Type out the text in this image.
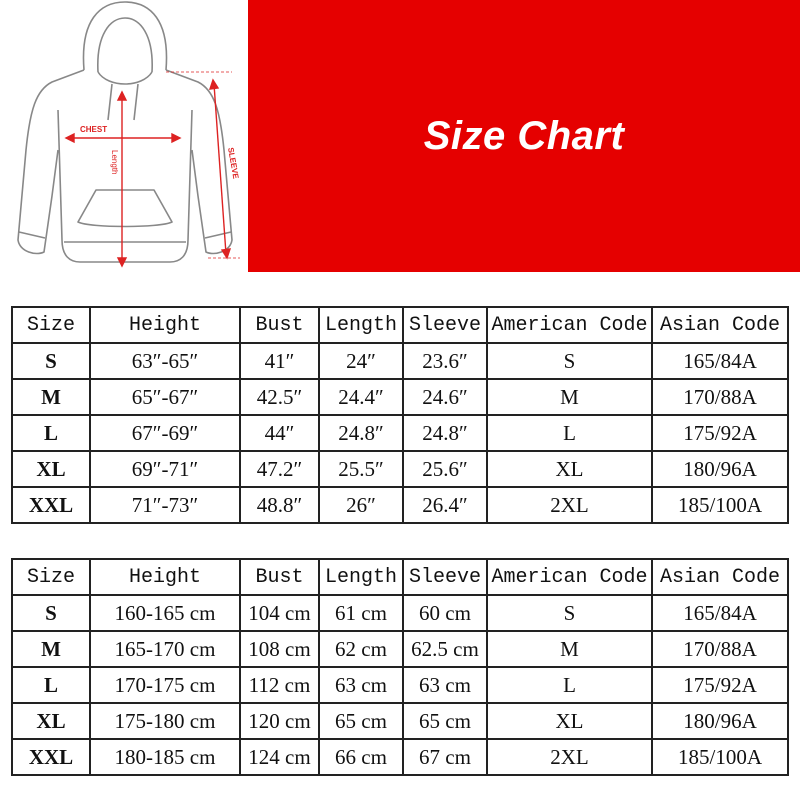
CHEST
Length	SLEEVE
Size Chart
Size	Height	Bust	Length	Sleeve	American Code	Asian Code
S	63″-65″	41″	24″	23.6″	S	165/84A
M	65″-67″	42.5″	24.4″	24.6″	M	170/88A
L	67″-69″	44″	24.8″	24.8″	L	175/92A
XL	69″-71″	47.2″	25.5″	25.6″	XL	180/96A
XXL	71″-73″	48.8″	26″	26.4″	2XL	185/100A
Size	Height	Bust	Length	Sleeve	American Code	Asian Code
S	160-165 cm	104 cm	61 cm	60 cm	S	165/84A
M	165-170 cm	108 cm	62 cm	62.5 cm	M	170/88A
L	170-175 cm	112 cm	63 cm	63 cm	L	175/92A
XL	175-180 cm	120 cm	65 cm	65 cm	XL	180/96A
XXL	180-185 cm	124 cm	66 cm	67 cm	2XL	185/100A
